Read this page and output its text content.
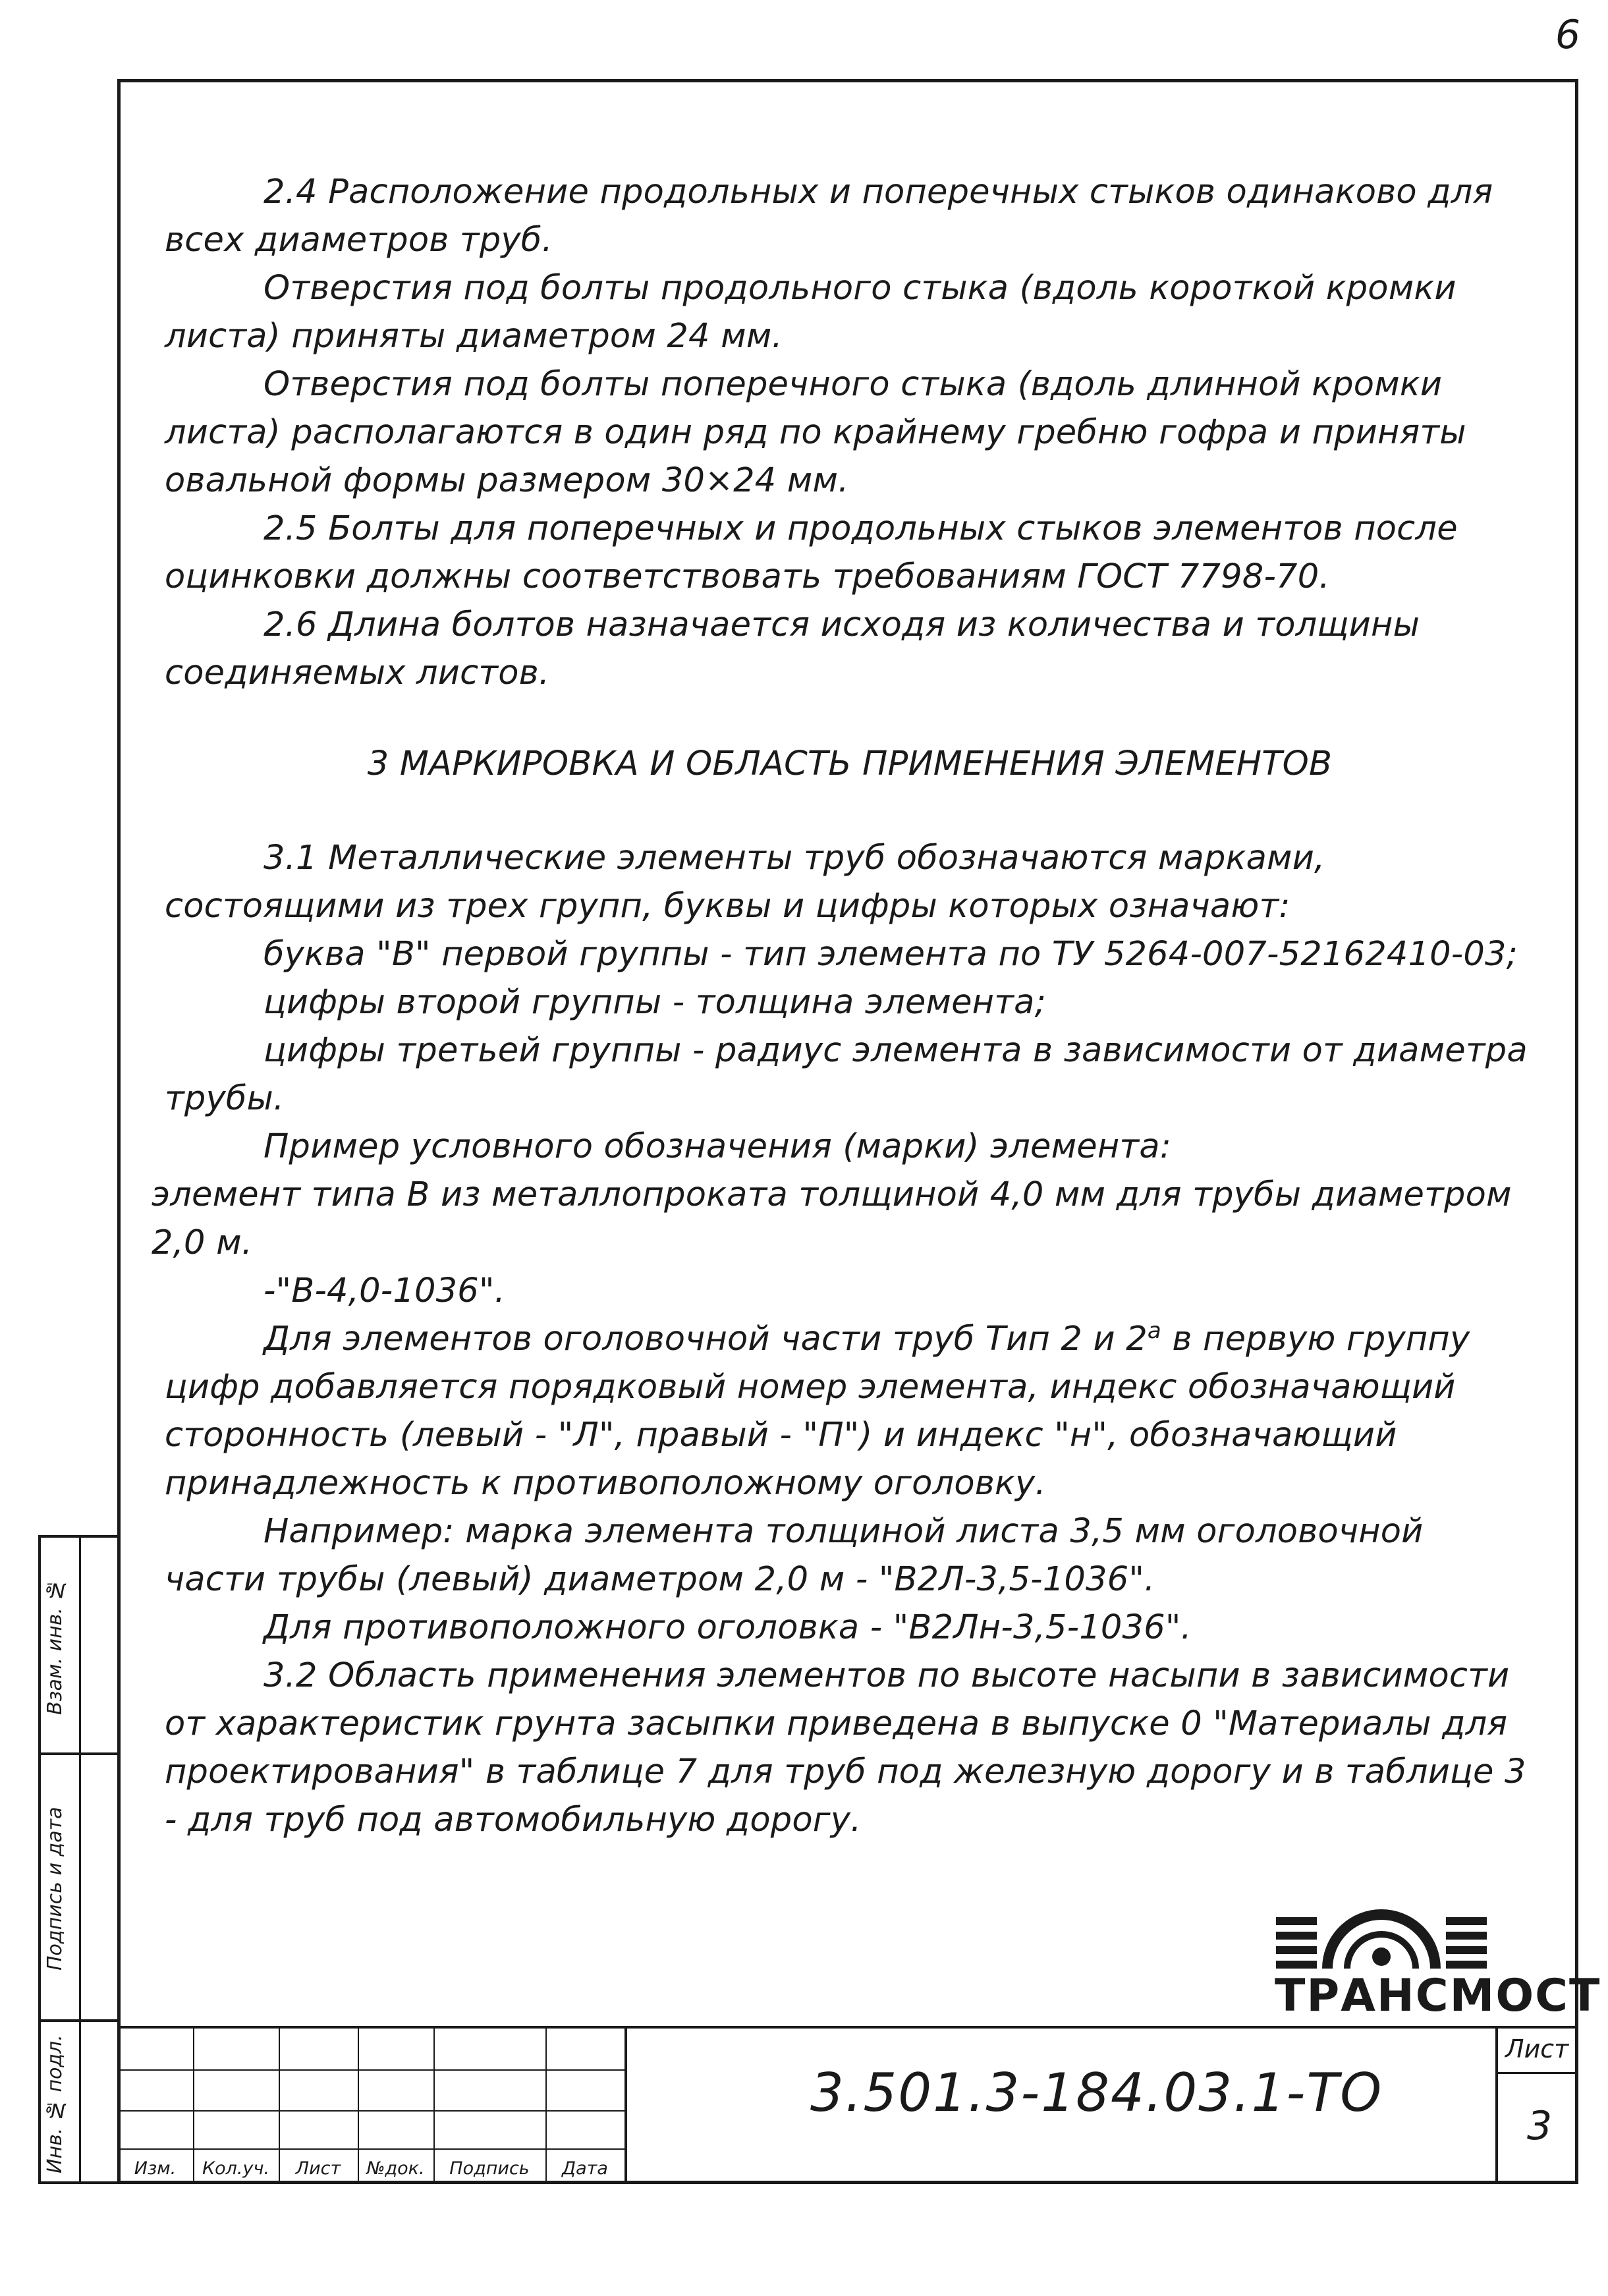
6

2.4 Расположение продольных и поперечных стыков одинаково для всех диаметров труб.

Отверстия под болты продольного стыка (вдоль короткой кромки листа) приняты диаметром 24 мм.

Отверстия под болты поперечного стыка (вдоль длинной кромки листа) располагаются в один ряд по крайнему гребню гофра и приняты овальной формы размером 30×24 мм.

2.5 Болты для поперечных и продольных стыков элементов после оцинковки должны соответствовать требованиям ГОСТ 7798-70.

2.6 Длина болтов назначается исходя из количества и толщины соединяемых листов.

3 МАРКИРОВКА И ОБЛАСТЬ ПРИМЕНЕНИЯ ЭЛЕМЕНТОВ

3.1 Металлические элементы труб обозначаются марками, состоящими из трех групп, буквы и цифры которых означают:

буква "В" первой группы - тип элемента по ТУ 5264-007-52162410-03;

цифры второй группы - толщина элемента;

цифры третьей группы - радиус элемента в зависимости от диаметра трубы.

Пример условного обозначения (марки) элемента:

элемент типа В из металлопроката толщиной 4,0 мм для трубы диаметром 2,0 м.

-"В-4,0-1036".

Для элементов оголовочной части труб Тип 2 и $2^а$ в первую группу цифр добавляется порядковый номер элемента, индекс обозначающий сторонность (левый - "Л", правый - "П") и индекс "н", обозначающий принадлежность к противоположному оголовку.

Например: марка элемента толщиной листа 3,5 мм оголовочной части трубы (левый) диаметром 2,0 м - "В2Л-3,5-1036".

Для противоположного оголовка - "В2Лн-3,5-1036".

3.2 Область применения элементов по высоте насыпи в зависимости от характеристик грунта засыпки приведена в выпуске 0 "Материалы для проектирования" в таблице 7 для труб под железную дорогу и в таблице 3 - для труб под автомобильную дорогу.

Взам. инв. №
Подпись и дата
Инв. № подл.	Изм.	Кол.уч.	Лист	№док.	Подпись	Дата
3.501.3-184.03.1-ТО
Лист
3
ТРАНСМОСТ
